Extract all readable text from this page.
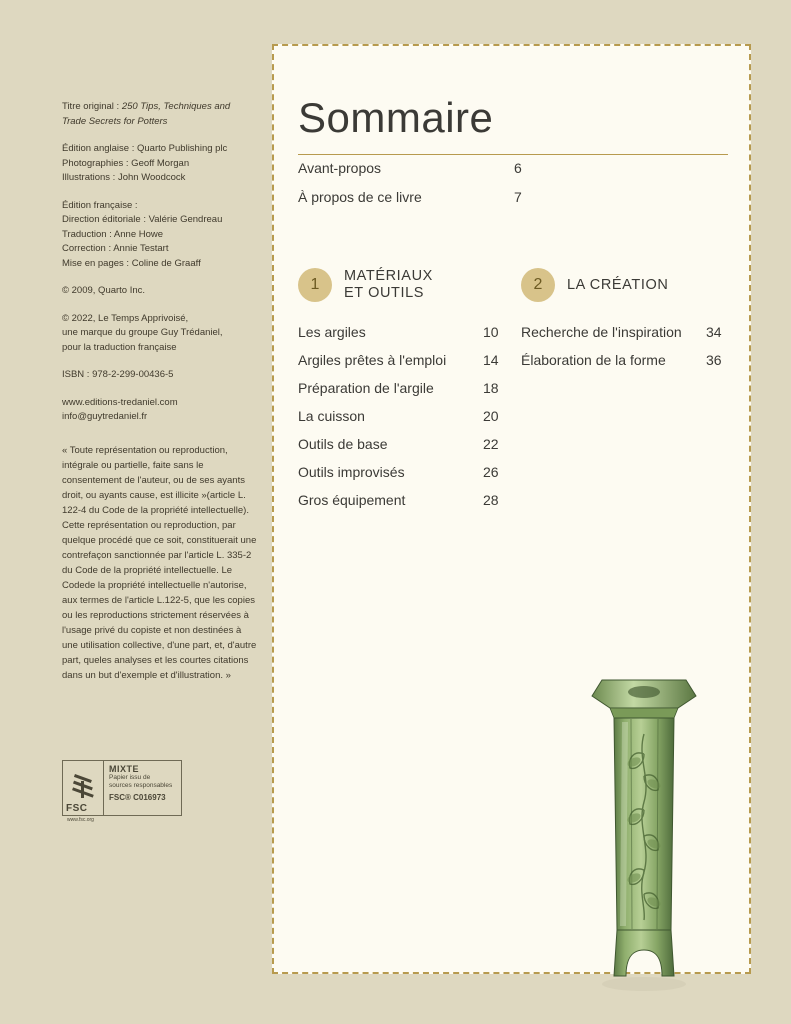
Titre original : 250 Tips, Techniques and
Trade Secrets for Potters
Édition anglaise : Quarto Publishing plc
Photographies : Geoff Morgan
Illustrations : John Woodcock
Édition française :
Direction éditoriale : Valérie Gendreau
Traduction : Anne Howe
Correction : Annie Testart
Mise en pages : Coline de Graaff
© 2009, Quarto Inc.
© 2022, Le Temps Apprivoisé,
une marque du groupe Guy Trédaniel,
pour la traduction française
ISBN : 978-2-299-00436-5
www.editions-tredaniel.com
info@guytredaniel.fr
« Toute représentation ou reproduction, intégrale ou partielle, faite sans le consentement de l'auteur, ou de ses ayants droit, ou ayants cause, est illicite »(article L. 122-4 du Code de la propriété intellectuelle). Cette représentation ou reproduction, par quelque procédé que ce soit, constituerait une contrefaçon sanctionnée par l'article L. 335-2 du Code de la propriété intellectuelle. Le Codede la propriété intellectuelle n'autorise, aux termes de l'article L.122-5, que les copies ou les reproductions strictement réservées à l'usage privé du copiste et non destinées à une utilisation collective, d'une part, et, d'autre part, queles analyses et les courtes citations dans un but d'exemple et d'illustration. »
FSC
MIXTE
Papier issu de
sources responsables
FSC® C016973
www.fsc.org
Sommaire
Avant-propos	6
À propos de ce livre	7
1	MATÉRIAUX
ET OUTILS
Les argiles	10
Argiles prêtes à l'emploi	14
Préparation de l'argile	18
La cuisson	20
Outils de base	22
Outils improvisés	26
Gros équipement	28
2	LA CRÉATION
Recherche de l'inspiration	34
Élaboration de la forme	36
